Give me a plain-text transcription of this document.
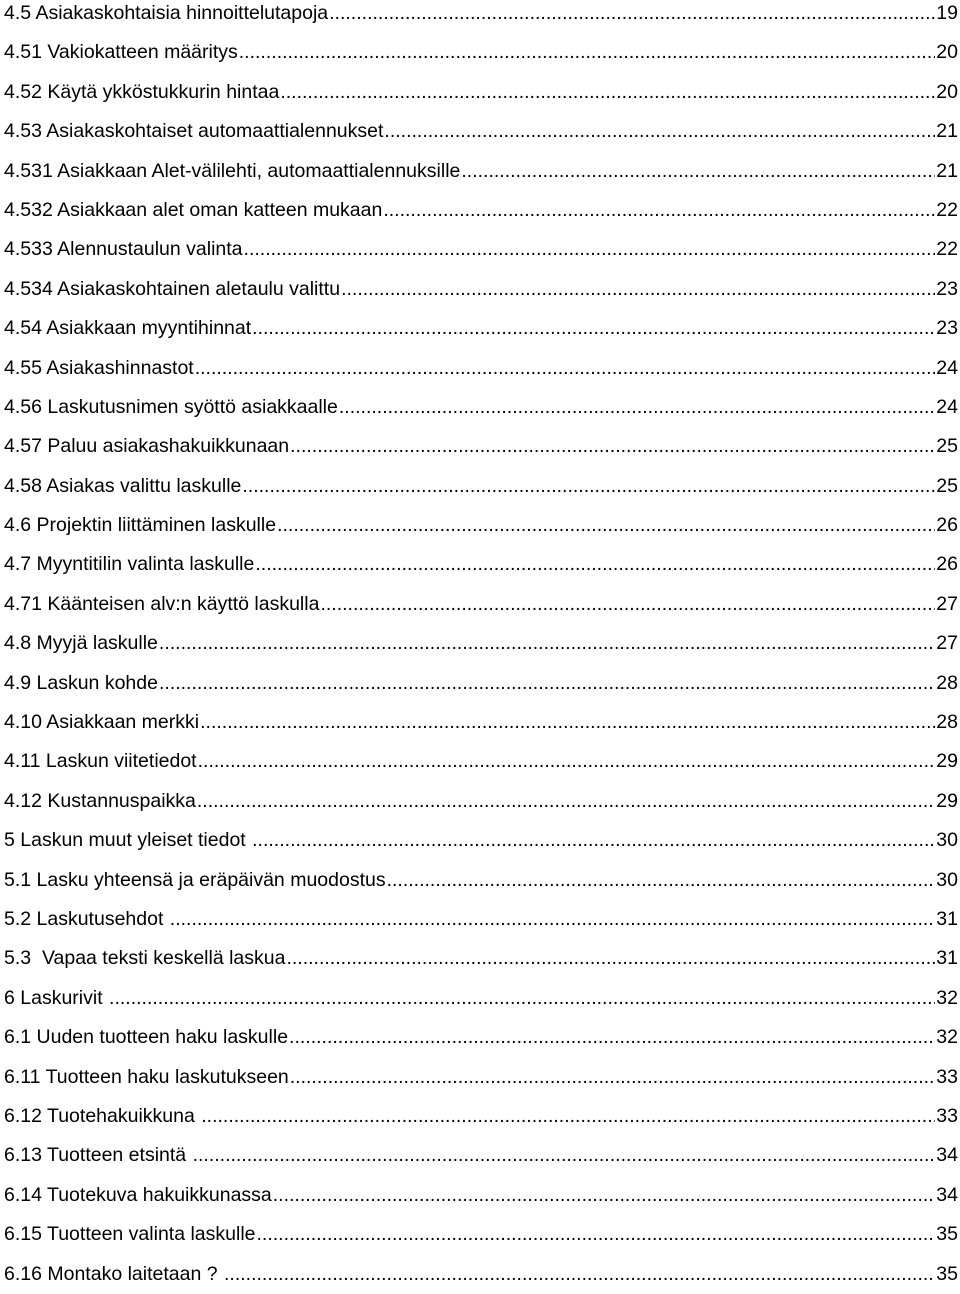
4.5 Asiakaskohtaisia hinnoittelutapoja .....	19
4.51 Vakiokatteen määritys .....	20
4.52 Käytä ykköstukkurin hintaa .....	20
4.53 Asiakaskohtaiset automaattialennukset .....	21
4.531 Asiakkaan Alet-välilehti, automaattialennuksille .....	21
4.532 Asiakkaan alet oman katteen mukaan .....	22
4.533 Alennustaulun valinta .....	22
4.534 Asiakaskohtainen aletaulu valittu .....	23
4.54 Asiakkaan myyntihinnat .....	23
4.55 Asiakashinnastot .....	24
4.56 Laskutusnimen syöttö asiakkaalle .....	24
4.57 Paluu asiakashakuikkunaan .....	25
4.58 Asiakas valittu laskulle .....	25
4.6 Projektin liittäminen laskulle .....	26
4.7 Myyntitilin valinta laskulle .....	26
4.71 Käänteisen alv:n käyttö laskulla .....	27
4.8 Myyjä laskulle .....	27
4.9 Laskun kohde .....	28
4.10 Asiakkaan merkki .....	28
4.11 Laskun viitetiedot .....	29
4.12 Kustannuspaikka .....	29
5 Laskun muut yleiset tiedot .....	30
5.1 Lasku yhteensä ja eräpäivän muodostus .....	30
5.2 Laskutusehdot .....	31
5.3  Vapaa teksti keskellä laskua .....	31
6 Laskurivit .....	32
6.1 Uuden tuotteen haku laskulle .....	32
6.11 Tuotteen haku laskutukseen .....	33
6.12 Tuotehakuikkuna .....	33
6.13 Tuotteen etsintä .....	34
6.14 Tuotekuva hakuikkunassa .....	34
6.15 Tuotteen valinta laskulle .....	35
6.16 Montako laitetaan ? .....	35
